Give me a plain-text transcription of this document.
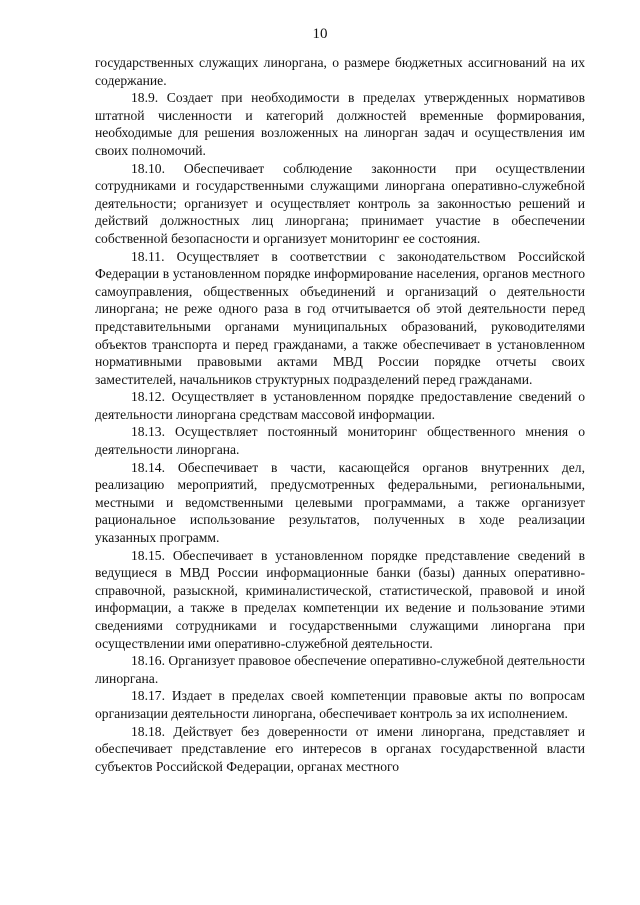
10

государственных служащих линоргана, о размере бюджетных ассигнований на их содержание.

18.9. Создает при необходимости в пределах утвержденных нормативов штатной численности и категорий должностей временные формирования, необходимые для решения возложенных на линорган задач и осуществления им своих полномочий.

18.10. Обеспечивает соблюдение законности при осуществлении сотрудниками и государственными служащими линоргана оперативно-служебной деятельности; организует и осуществляет контроль за законностью решений и действий должностных лиц линоргана; принимает участие в обеспечении собственной безопасности и организует мониторинг ее состояния.

18.11. Осуществляет в соответствии с законодательством Российской Федерации в установленном порядке информирование населения, органов местного самоуправления, общественных объединений и организаций о деятельности линоргана; не реже одного раза в год отчитывается об этой деятельности перед представительными органами муниципальных образований, руководителями объектов транспорта и перед гражданами, а также обеспечивает в установленном нормативными правовыми актами МВД России порядке отчеты своих заместителей, начальников структурных подразделений перед гражданами.

18.12. Осуществляет в установленном порядке предоставление сведений о деятельности линоргана средствам массовой информации.

18.13. Осуществляет постоянный мониторинг общественного мнения о деятельности линоргана.

18.14. Обеспечивает в части, касающейся органов внутренних дел, реализацию мероприятий, предусмотренных федеральными, региональными, местными и ведомственными целевыми программами, а также организует рациональное использование результатов, полученных в ходе реализации указанных программ.

18.15. Обеспечивает в установленном порядке представление сведений в ведущиеся в МВД России информационные банки (базы) данных оперативно-справочной, разыскной, криминалистической, статистической, правовой и иной информации, а также в пределах компетенции их ведение и пользование этими сведениями сотрудниками и государственными служащими линоргана при осуществлении ими оперативно-служебной деятельности.

18.16. Организует правовое обеспечение оперативно-служебной деятельности линоргана.

18.17. Издает в пределах своей компетенции правовые акты по вопросам организации деятельности линоргана, обеспечивает контроль за их исполнением.

18.18. Действует без доверенности от имени линоргана, представляет и обеспечивает представление его интересов в органах государственной власти субъектов Российской Федерации, органах местного
